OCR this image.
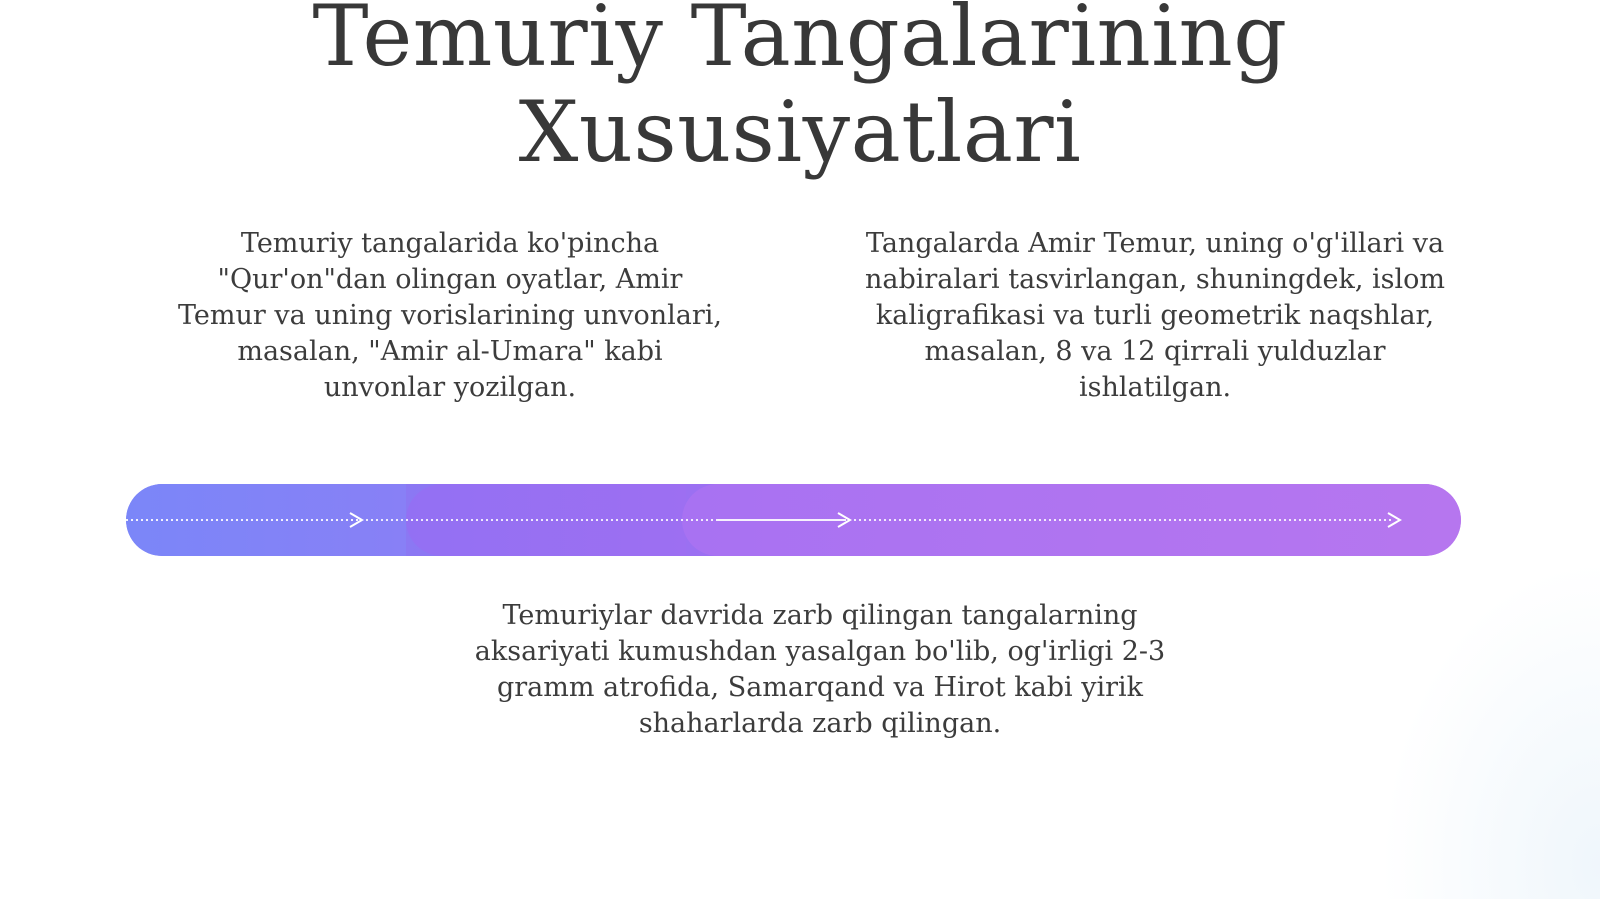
Temuriy Tangalarining
Xususiyatlari

Temuriy tangalarida ko'pincha
"Qur'on"dan olingan oyatlar, Amir
Temur va uning vorislarining unvonlari,
masalan, "Amir al-Umara" kabi
unvonlar yozilgan.

Tangalarda Amir Temur, uning o'g'illari va
nabiralari tasvirlangan, shuningdek, islom
kaligrafikasi va turli geometrik naqshlar,
masalan, 8 va 12 qirrali yulduzlar
ishlatilgan.

Temuriylar davrida zarb qilingan tangalarning
aksariyati kumushdan yasalgan bo'lib, og'irligi 2-3
gramm atrofida, Samarqand va Hirot kabi yirik
shaharlarda zarb qilingan.
